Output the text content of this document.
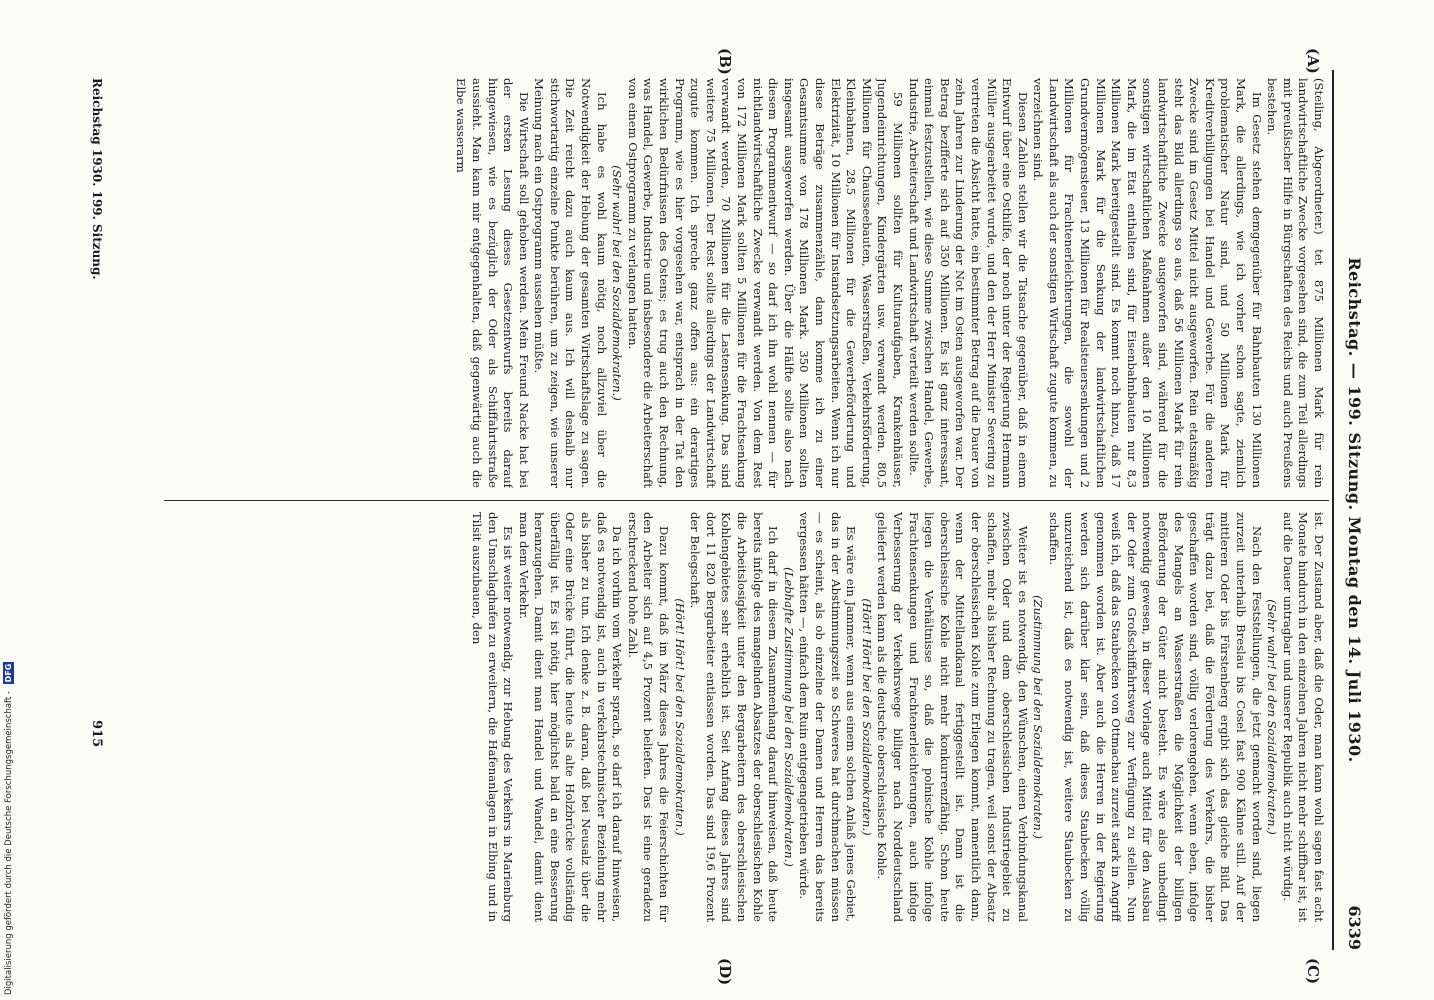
Reichstag. — 199. Sitzung. Montag den 14. Juli 1930.
6339
(A)
(B)
(C)
(D)

(Steiling, Abgeordneter.) tet 875 Millionen Mark für rein landwirtschaftliche Zwecke vorgesehen sind, die zum Teil allerdings mit preußischer Hilfe in Bürgschaften des Reichs und auch Preußens bestehen.

Im Gesetz stehen demgegenüber für Bahnbauten 130 Millionen Mark, die allerdings, wie ich vorher schon sagte, ziemlich problematischer Natur sind, und 50 Millionen Mark für Kreditverbilligungen bei Handel und Gewerbe. Für die anderen Zwecke sind im Gesetz Mittel nicht ausgeworfen. Rein etatsmäßig steht das Bild allerdings so aus, daß 56 Millionen Mark für rein landwirtschaftliche Zwecke ausgeworfen sind, während für die sonstigen wirtschaftlichen Maßnahmen außer den 10 Millionen Mark, die im Etat enthalten sind, für Eisenbahnbauten nur 8,3 Millionen Mark bereitgestellt sind. Es kommt noch hinzu, daß 17 Millionen Mark für die Senkung der landwirtschaftlichen Grundvermögensteuer, 13 Millionen für Realsteuersenkungen und 2 Millionen für Frachtenerleichterungen, die sowohl der Landwirtschaft als auch der sonstigen Wirtschaft zugute kommen, zu verzeichnen sind.

Diesen Zahlen stellen wir die Tatsache gegenüber, daß in einem Entwurf über eine Osthilfe, der noch unter der Regierung Hermann Müller ausgearbeitet wurde, und den der Herr Minister Severing zu vertreten die Absicht hatte, ein bestimmter Betrag auf die Dauer von zehn Jahren zur Linderung der Not im Osten ausgeworfen war. Der Betrag bezifferte sich auf 350 Millionen. Es ist ganz interessant, einmal festzustellen, wie diese Summe zwischen Handel, Gewerbe, Industrie, Arbeiterschaft und Landwirtschaft verteilt werden sollte.

59 Millionen sollten für Kulturaufgaben, Krankenhäuser, Jugendeinrichtungen, Kindergärten usw. verwandt werden. 80,5 Millionen für Chausseebauten, Wasserstraßen, Verkehrsförderung, Kleinbahnen, 28,5 Millionen für die Gewerbeförderung und Elektrizität, 10 Millionen für Instandsetzungsarbeiten. Wenn ich nur diese Beträge zusammenzähle, dann komme ich zu einer Gesamtsumme von 178 Millionen Mark. 350 Millionen sollten insgesamt ausgeworfen werden. Über die Hälfte sollte also nach diesem Programmentwurf — so darf ich ihn wohl nennen — für nichtlandwirtschaftliche Zwecke verwandt werden. Von dem Rest von 172 Millionen Mark sollten 5 Millionen für die Frachtsenkung verwandt werden, 70 Millionen für die Lastensenkung. Das sind weitere 75 Millionen. Der Rest sollte allerdings der Landwirtschaft zugute kommen. Ich spreche ganz offen aus: ein derartiges Programm, wie es hier vorgesehen war, entsprach in der Tat den wirklichen Bedürfnissen des Ostens; es trug auch den Rechnung, was Handel, Gewerbe, Industrie und insbesondere die Arbeiterschaft von einem Ostprogramm zu verlangen hatten.

(Sehr wahr! bei den Sozialdemokraten.)

Ich habe es wohl kaum nötig, noch allzuviel über die Notwendigkeit der Hebung der gesamten Wirtschaftslage zu sagen. Die Zeit reicht dazu auch kaum aus. Ich will deshalb nur stichwortartig einzelne Punkte berühren, um zu zeigen, wie unserer Meinung nach ein Ostprogramm aussehen müßte.

Die Wirtschaft soll gehoben werden. Mein Freund Nacke hat bei der ersten Lesung dieses Gesetzentwurfs bereits darauf hingewiesen, wie es bezüglich der Oder als Schiffahrtsstraße aussieht. Man kann mir entgegenhalten, daß gegenwärtig auch die Elbe wasserarm

ist. Der Zustand aber, daß die Oder, man kann wohl sagen fast acht Monate hindurch in den einzelnen Jahren nicht mehr schiffbar ist, ist auf die Dauer untragbar und unserer Republik auch nicht würdig.

(Sehr wahr! bei den Sozialdemokraten.)

Nach den Feststellungen, die jetzt gemacht worden sind, liegen zurzeit unterhalb Breslau bis Cosel fast 900 Kähne still. Auf der mittleren Oder bis Fürstenberg ergibt sich das gleiche Bild. Das trägt dazu bei, daß die Förderung des Verkehrs, die bisher geschaffen worden sind, völlig verlorengehen, wenn eben, infolge des Mangels an Wasserstraßen die Möglichkeit der billigen Beförderung der Güter nicht besteht. Es wäre also unbedingt notwendig gewesen, in dieser Vorlage auch Mittel für den Ausbau der Oder zum Großschiffahrtsweg zur Verfügung zu stellen. Nun weiß ich, daß das Staubecken von Ottmachau zurzeit stark in Angriff genommen worden ist. Aber auch die Herren in der Regierung werden sich darüber klar sein, daß dieses Staubecken völlig unzureichend ist, daß es notwendig ist, weitere Staubecken zu schaffen.

(Zustimmung bei den Sozialdemokraten.)

Weiter ist es notwendig, den Wünschen, einen Verbindungskanal zwischen Oder und dem oberschlesischen Industriegebiet zu schaffen, mehr als bisher Rechnung zu tragen, weil sonst der Absatz der oberschlesischen Kohle zum Erliegen kommt, namentlich dann, wenn der Mittellandkanal fertiggestellt ist. Dann ist die oberschlesische Kohle nicht mehr konkurrenzfähig. Schon heute liegen die Verhältnisse so, daß die polnische Kohle infolge Frachtensenkungen und Frachtenerleichterungen, auch infolge Verbesserung der Verkehrswege billiger nach Norddeutschland geliefert werden kann als die deutsche oberschlesische Kohle.

(Hört! Hört! bei den Sozialdemokraten.)

Es wäre ein Jammer, wenn aus einem solchen Anlaß jenes Gebiet, das in der Abstimmungszeit so Schweres hat durchmachen müssen — es scheint, als ob einzelne der Damen und Herren das bereits vergessen hätten —, einfach dem Ruin entgegengetrieben würde.

(Lebhafte Zustimmung bei den Sozialdemokraten.)

Ich darf in diesem Zusammenhang darauf hinweisen, daß heute bereits infolge des mangelnden Absatzes der oberschlesischen Kohle die Arbeitslosigkeit unter den Bergarbeitern des oberschlesischen Kohlengebietes sehr erheblich ist. Seit Anfang dieses Jahres sind dort 11 820 Bergarbeiter entlassen worden. Das sind 19,6 Prozent der Belegschaft.

(Hört! Hört! bei den Sozialdemokraten.)

Dazu kommt, daß im März dieses Jahres die Feierschichten für den Arbeiter sich auf 4,5 Prozent beliefen. Das ist eine geradezu erschreckend hohe Zahl.

Da ich vorhin vom Verkehr sprach, so darf ich darauf hinweisen, daß es notwendig ist, auch in verkehrstechnischer Beziehung mehr als bisher zu tun. Ich denke z. B. daran, daß bei Neusalz über die Oder eine Brücke führt, die heute als alte Holzbrücke vollständig überfällig ist. Es ist nötig, hier möglichst bald an eine Besserung heranzugehen. Damit dient man Handel und Wandel, damit dient man dem Verkehr.

Es ist weiter notwendig, zur Hebung des Verkehrs in Marienburg den Umschlaghafen zu erweitern, die Hafenanlagen in Elbing und in Tilsit auszubauen, den

Reichstag 1930. 199. Sitzung.
915
Digitalisierung gefördert durch die Deutsche Forschungsgemeinschaft - DFG
